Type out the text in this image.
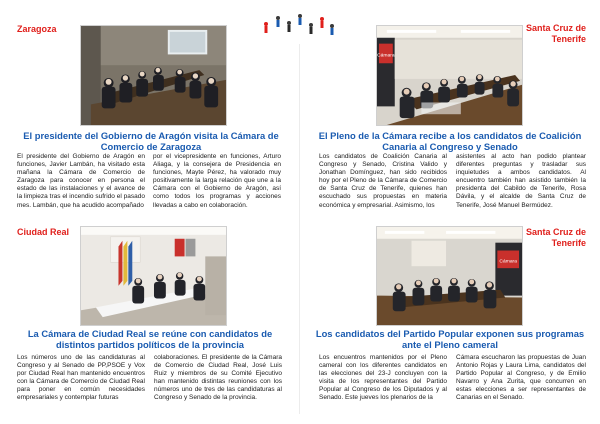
Zaragoza
El presidente del Gobierno de Aragón visita la Cámara de Comercio de Zaragoza
El presidente del Gobierno de Aragón en funciones, Javier Lambán, ha visitado esta mañana la Cámara de Comercio de Zaragoza para conocer en persona el estado de las instalaciones y el avance de la limpieza tras el incendio sufrido el pasado mes. Lambán, que ha acudido acompañado
por el vicepresidente en funciones, Arturo Aliaga, y la consejera de Presidencia en funciones, Mayte Pérez, ha valorado muy positivamente la larga relación que une a la Cámara con el Gobierno de Aragón, así como todos los programas y acciones llevadas a cabo en colaboración.
Santa Cruz de Tenerife
Cámara
El Pleno de la Cámara recibe a los candidatos de Coalición Canaria al Congreso y Senado
Los candidatos de Coalición Canaria al Congreso y Senado, Cristina Valido y Jonathan Domínguez, han sido recibidos hoy por el Pleno de la Cámara de Comercio de Santa Cruz de Tenerife, quienes han escuchado sus propuestas en materia económica y empresarial. Asimismo, los
asistentes al acto han podido plantear diferentes preguntas y trasladar sus inquietudes a ambos candidatos. Al encuentro también han asistido también la presidenta del Cabildo de Tenerife, Rosa Dávila, y el alcalde de Santa Cruz de Tenerife, José Manuel Bermúdez.
Ciudad Real
La Cámara de Ciudad Real se reúne con candidatos de distintos partidos políticos de la provincia
Los números uno de las candidaturas al Congreso y al Senado de PP,PSOE y Vox por Ciudad Real han mantenido encuentros con la Cámara de Comercio de Ciudad Real para poner en común necesidades empresariales y contemplar futuras
colaboraciones. El presidente de la Cámara de Comercio de Ciudad Real, José Luis Ruiz y miembros de su Comité Ejecutivo han mantenido distintas reuniones con los números uno de tres de las candidaturas al Congreso y Senado de la provincia.
Santa Cruz de Tenerife
Cámara
Los candidatos del Partido Popular exponen sus programas ante el Pleno cameral
Los encuentros mantenidos por el Pleno cameral con los diferentes candidatos en las elecciones del 23-J concluyen con la visita de los representantes del Partido Popular al Congreso de los Diputados y al Senado. Este jueves los plenarios de la
Cámara escucharon las propuestas de Juan Antonio Rojas y Laura Lima, candidatos del Partido Popular al Congreso, y de Emilio Navarro y Ana Zurita, que concurren en estas elecciones a ser representantes de Canarias en el Senado.
